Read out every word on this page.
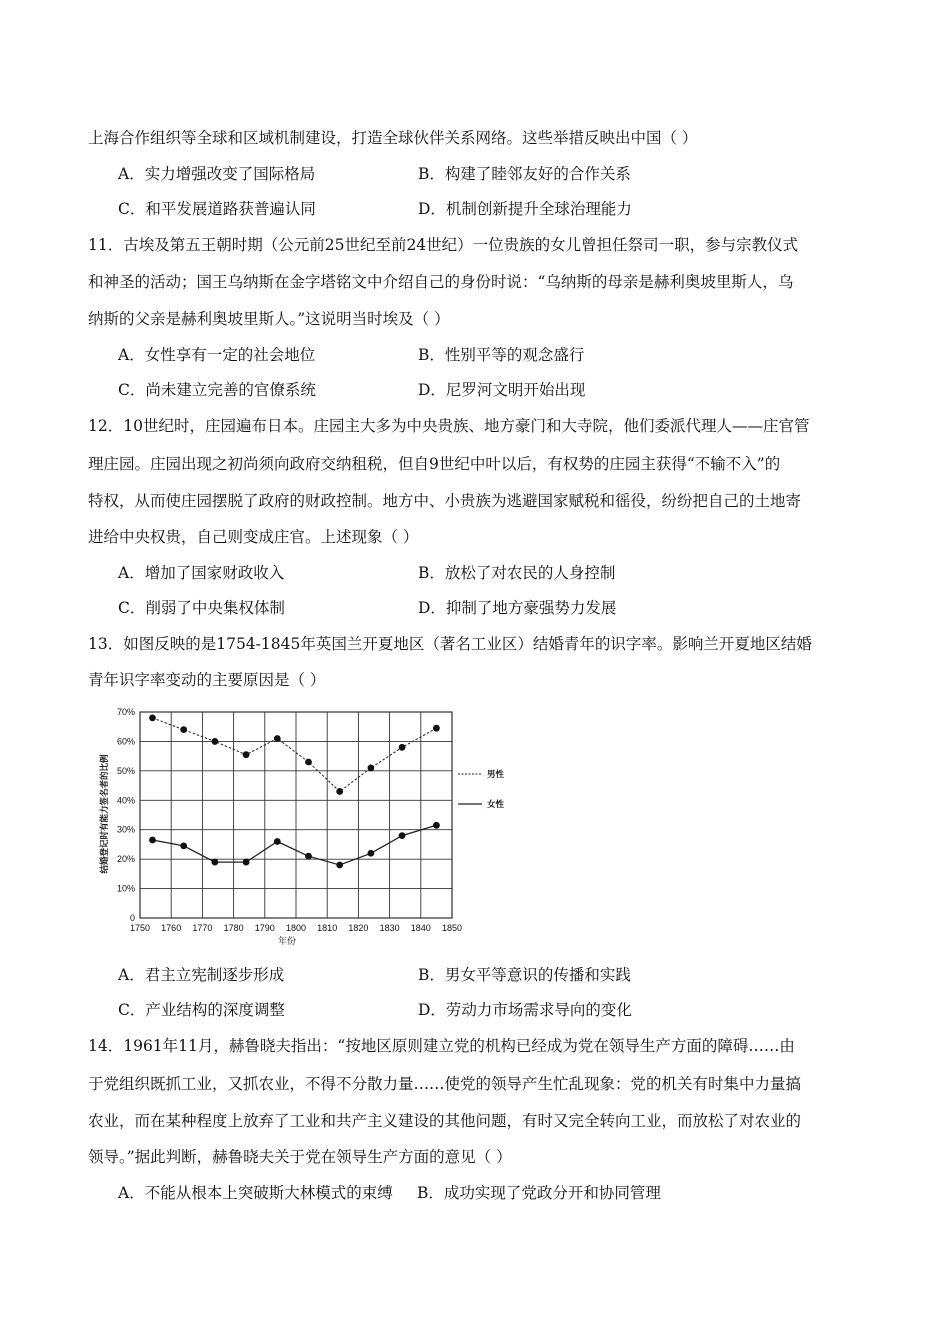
上海合作组织等全球和区域机制建设，打造全球伙伴关系网络。这些举措反映出中国（ ）
A．实力增强改变了国际格局	B．构建了睦邻友好的合作关系
C．和平发展道路获普遍认同	D．机制创新提升全球治理能力
11．古埃及第五王朝时期（公元前25世纪至前24世纪）一位贵族的女儿曾担任祭司一职，参与宗教仪式
和神圣的活动；国王乌纳斯在金字塔铭文中介绍自己的身份时说：“乌纳斯的母亲是赫利奥坡里斯人，乌
纳斯的父亲是赫利奥坡里斯人。”这说明当时埃及（ ）
A．女性享有一定的社会地位	B．性别平等的观念盛行
C．尚未建立完善的官僚系统	D．尼罗河文明开始出现
12．10世纪时，庄园遍布日本。庄园主大多为中央贵族、地方豪门和大寺院，他们委派代理人——庄官管
理庄园。庄园出现之初尚须向政府交纳租税，但自9世纪中叶以后，有权势的庄园主获得“不输不入”的
特权，从而使庄园摆脱了政府的财政控制。地方中、小贵族为逃避国家赋税和徭役，纷纷把自己的土地寄
进给中央权贵，自己则变成庄官。上述现象（ ）
A．增加了国家财政收入	B．放松了对农民的人身控制
C．削弱了中央集权体制	D．抑制了地方豪强势力发展
13．如图反映的是1754-1845年英国兰开夏地区（著名工业区）结婚青年的识字率。影响兰开夏地区结婚
青年识字率变动的主要原因是（ ）
1750 1760 1770 1780 1790 1800 1810 1820 1830 1840 1850
0
10%
20%
30%
40%
50%
60%
70%
结婚登记时有能力签名者的比例
年份
男性
女性
A．君主立宪制逐步形成	B．男女平等意识的传播和实践
C．产业结构的深度调整	D．劳动力市场需求导向的变化
14．1961年11月，赫鲁晓夫指出：“按地区原则建立党的机构已经成为党在领导生产方面的障碍……由
于党组织既抓工业，又抓农业，不得不分散力量……使党的领导产生忙乱现象：党的机关有时集中力量搞
农业，而在某种程度上放弃了工业和共产主义建设的其他问题，有时又完全转向工业，而放松了对农业的
领导。”据此判断，赫鲁晓夫关于党在领导生产方面的意见（ ）
A．不能从根本上突破斯大林模式的束缚 B．成功实现了党政分开和协同管理
